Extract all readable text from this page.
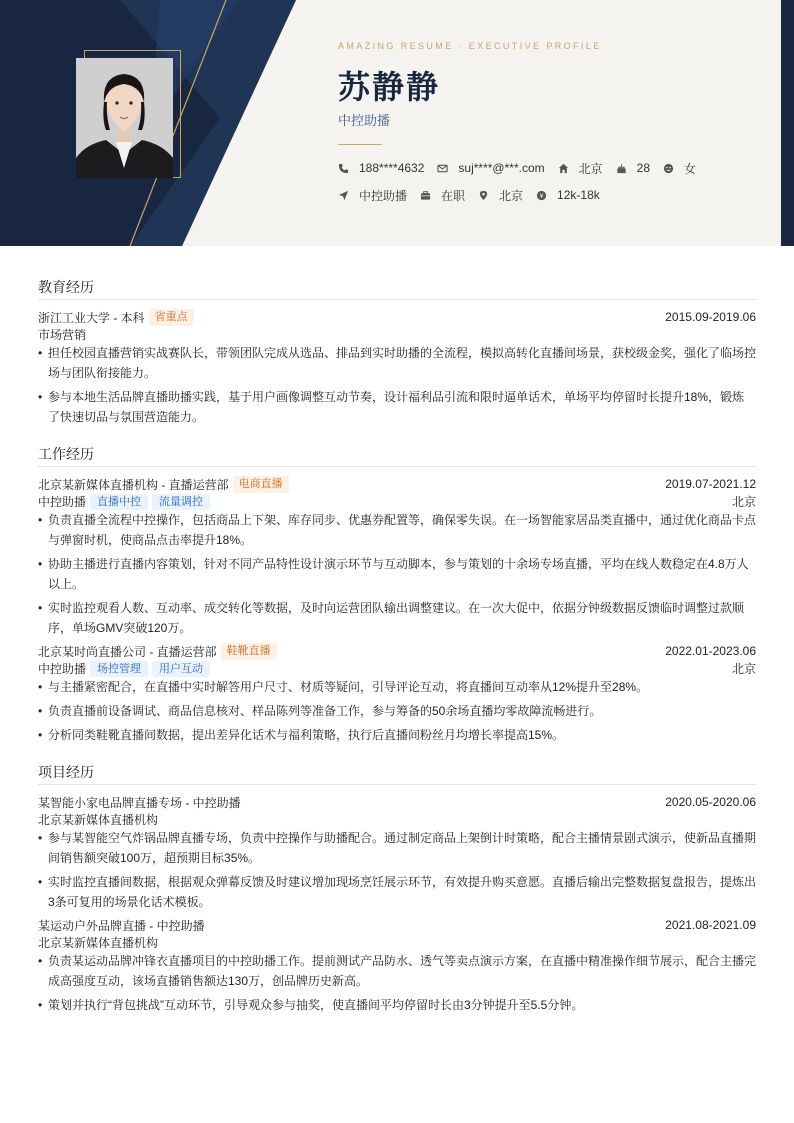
AMAZING RESUME · EXECUTIVE PROFILE
苏静静
中控助播
188****4632	suj****@***.com	北京	28	女
中控助播	在职	北京 ¥ 12k-18k
教育经历
浙江工业大学 - 本科 省重点	2015.09-2019.06
市场营销
• 担任校园直播营销实战赛队长，带领团队完成从选品、排品到实时助播的全流程，模拟高转化直播间场景，获校级金奖，强化了临场控场与团队衔接能力。
• 参与本地生活品牌直播助播实践，基于用户画像调整互动节奏，设计福利品引流和限时逼单话术，单场平均停留时长提升18%，锻炼了快速切品与氛围营造能力。
工作经历
北京某新媒体直播机构 - 直播运营部 电商直播	2019.07-2021.12
中控助播	直播中控	流量调控	北京
• 负责直播全流程中控操作，包括商品上下架、库存同步、优惠券配置等，确保零失误。在一场智能家居品类直播中，通过优化商品卡点与弹窗时机，使商品点击率提升18%。
• 协助主播进行直播内容策划，针对不同产品特性设计演示环节与互动脚本，参与策划的十余场专场直播，平均在线人数稳定在4.8万人以上。
• 实时监控观看人数、互动率、成交转化等数据，及时向运营团队输出调整建议。在一次大促中，依据分钟级数据反馈临时调整过款顺序，单场GMV突破120万。
北京某时尚直播公司 - 直播运营部 鞋靴直播	2022.01-2023.06
中控助播	场控管理	用户互动	北京
• 与主播紧密配合，在直播中实时解答用户尺寸、材质等疑问，引导评论互动，将直播间互动率从12%提升至28%。
• 负责直播前设备调试、商品信息核对、样品陈列等准备工作，参与筹备的50余场直播均零故障流畅进行。
• 分析同类鞋靴直播间数据，提出差异化话术与福利策略，执行后直播间粉丝月均增长率提高15%。
项目经历
某智能小家电品牌直播专场 - 中控助播	2020.05-2020.06
北京某新媒体直播机构
• 参与某智能空气炸锅品牌直播专场，负责中控操作与助播配合。通过制定商品上架倒计时策略，配合主播情景剧式演示，使新品直播期间销售额突破100万，超预期目标35%。
• 实时监控直播间数据，根据观众弹幕反馈及时建议增加现场烹饪展示环节，有效提升购买意愿。直播后输出完整数据复盘报告，提炼出3条可复用的场景化话术模板。
某运动户外品牌直播 - 中控助播	2021.08-2021.09
北京某新媒体直播机构
• 负责某运动品牌冲锋衣直播项目的中控助播工作。提前测试产品防水、透气等卖点演示方案，在直播中精准操作细节展示，配合主播完成高强度互动，该场直播销售额达130万，创品牌历史新高。
• 策划并执行“背包挑战”互动环节，引导观众参与抽奖，使直播间平均停留时长由3分钟提升至5.5分钟。
